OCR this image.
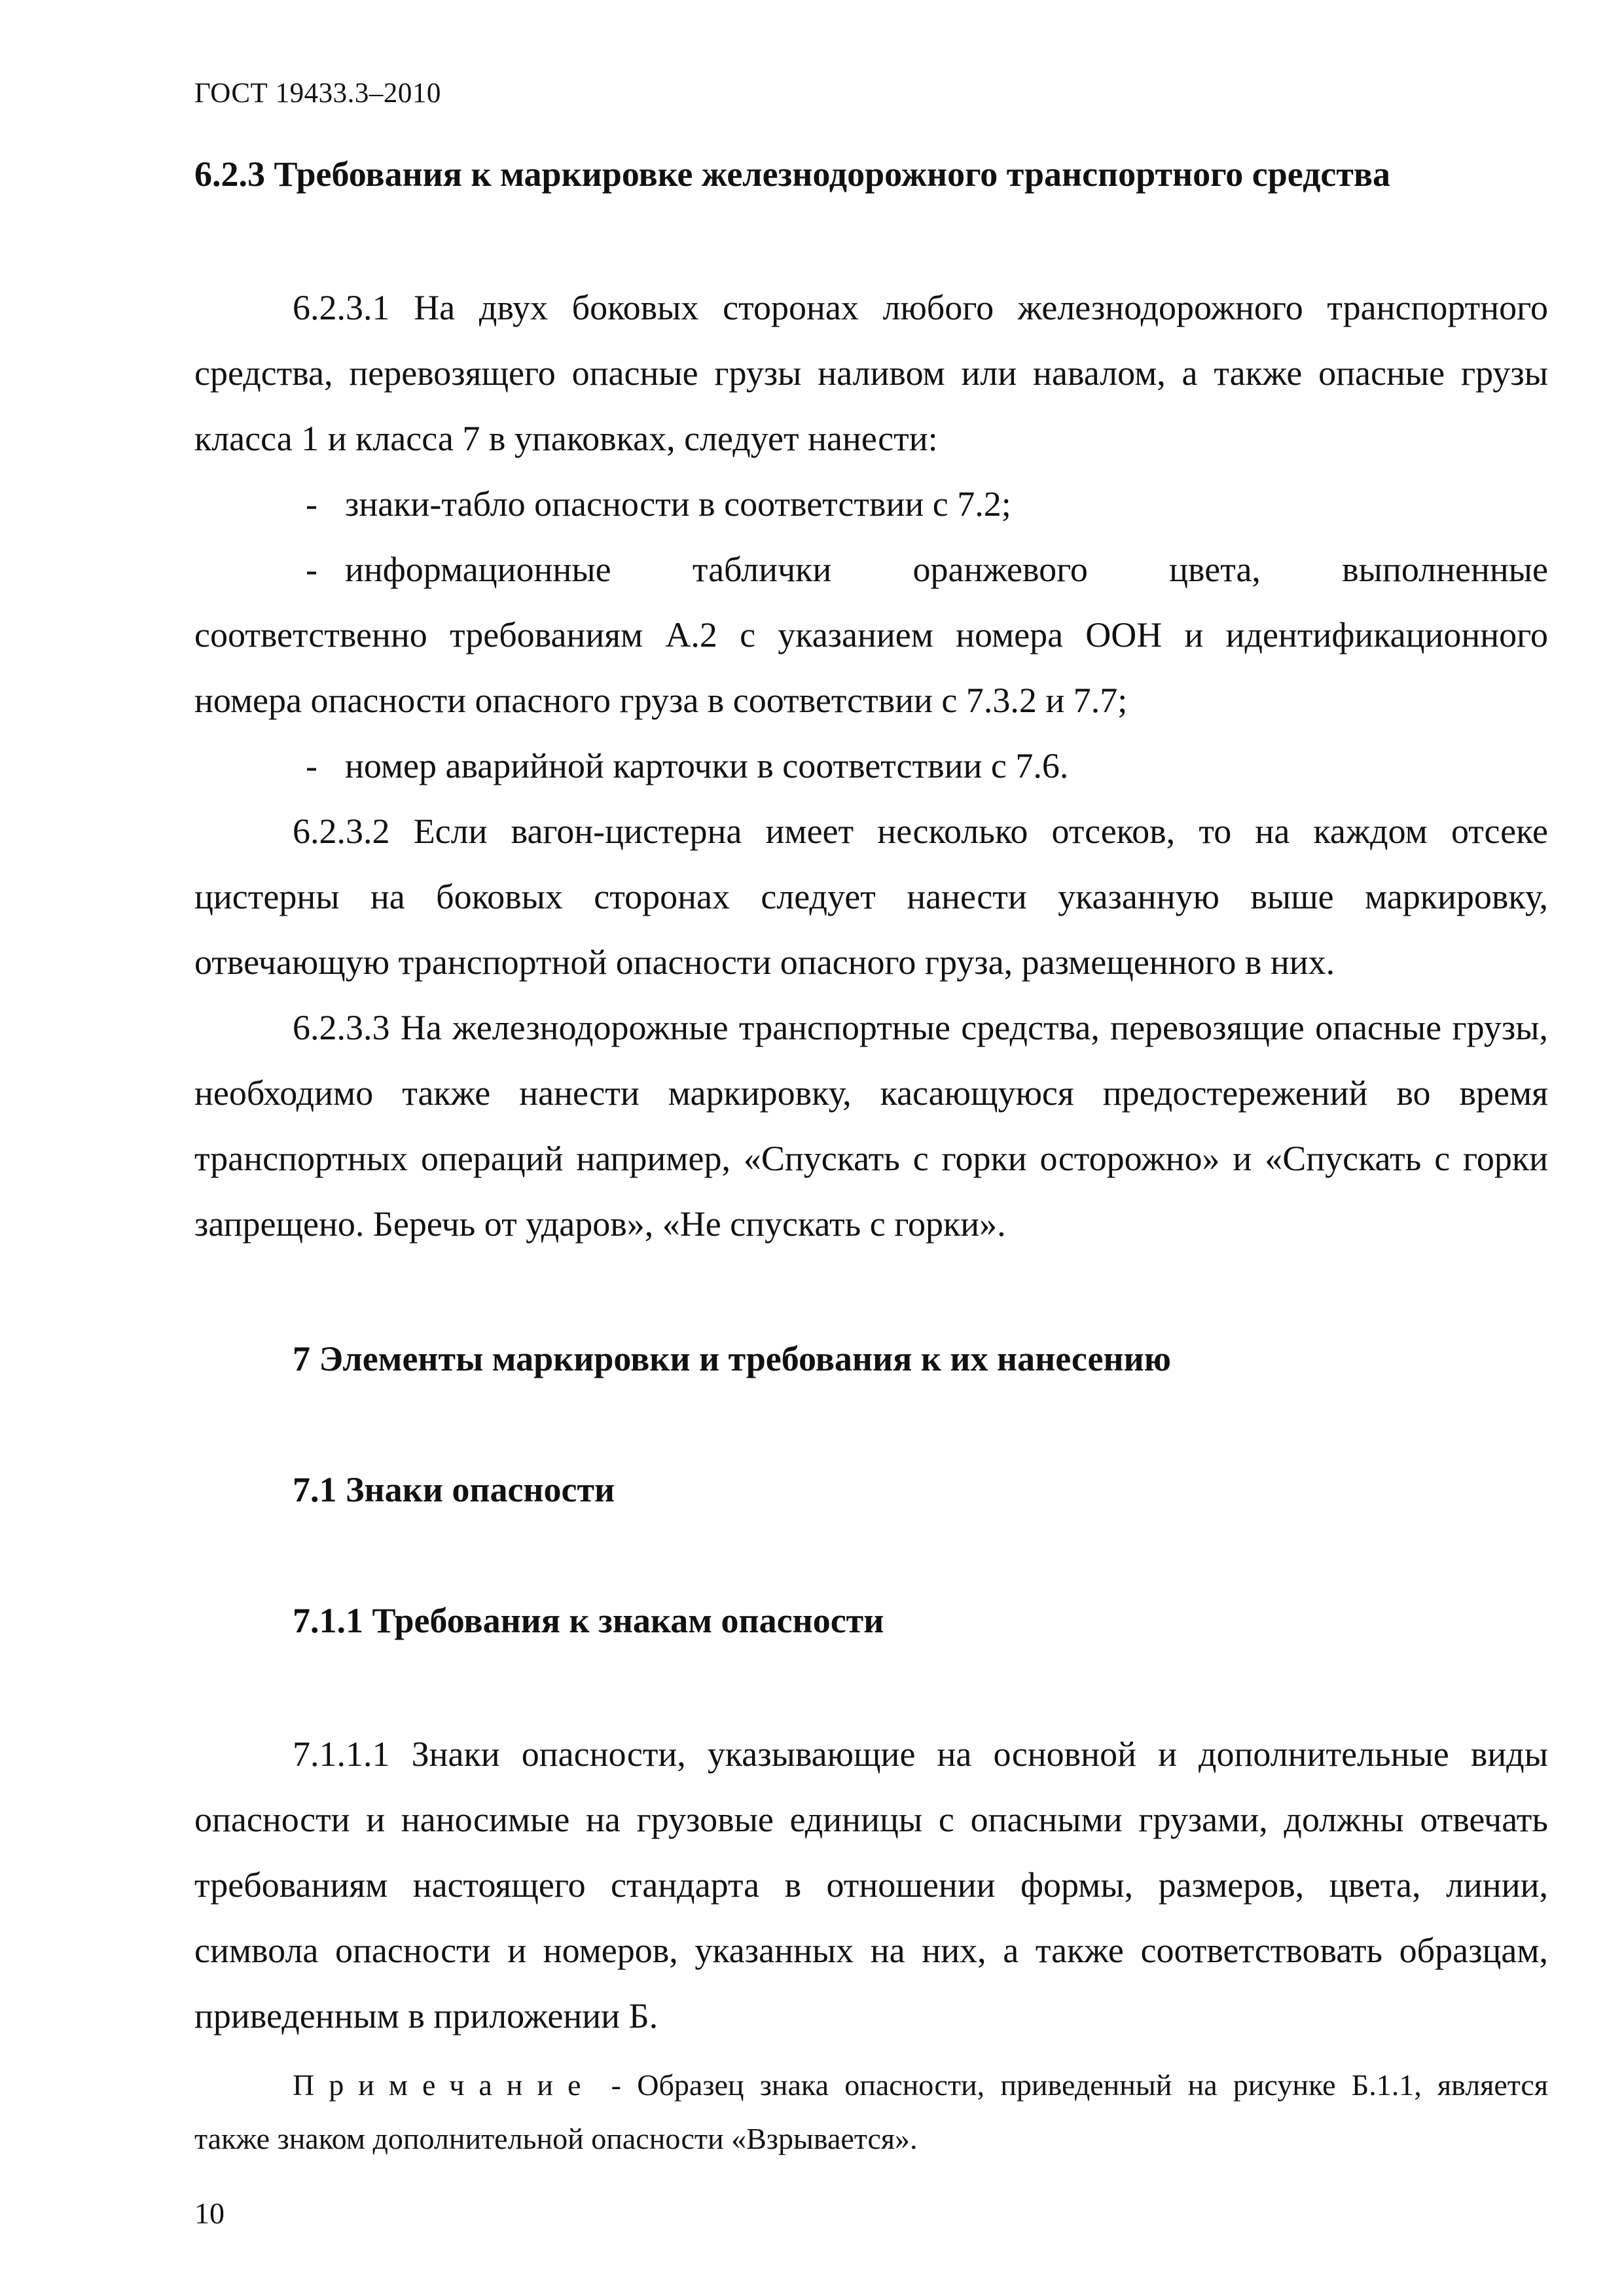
ГОСТ 19433.3–2010
6.2.3 Требования к маркировке железнодорожного транспортного средства

6.2.3.1 На двух боковых сторонах любого железнодорожного транспортного средства, перевозящего опасные грузы наливом или навалом, а также опасные грузы класса 1 и класса 7 в упаковках, следует нанести:

- знаки-табло опасности в соответствии с 7.2;

- информационные таблички оранжевого цвета, выполненные
соответственно требованиям А.2 с указанием номера ООН и идентификационного номера опасности опасного груза в соответствии с 7.3.2 и 7.7;

- номер аварийной карточки в соответствии с 7.6.

6.2.3.2 Если вагон-цистерна имеет несколько отсеков, то на каждом отсеке цистерны на боковых сторонах следует нанести указанную выше маркировку, отвечающую транспортной опасности опасного груза, размещенного в них.

6.2.3.3 На железнодорожные транспортные средства, перевозящие опасные грузы, необходимо также нанести маркировку, касающуюся предостережений во время транспортных операций например, «Спускать с горки осторожно» и «Спускать с горки запрещено. Беречь от ударов», «Не спускать с горки».

7 Элементы маркировки и требования к их нанесению
7.1 Знаки опасности
7.1.1 Требования к знакам опасности

7.1.1.1 Знаки опасности, указывающие на основной и дополнительные виды опасности и наносимые на грузовые единицы с опасными грузами, должны отвечать требованиям настоящего стандарта в отношении формы, размеров, цвета, линии, символа опасности и номеров, указанных на них, а также соответствовать образцам, приведенным в приложении Б.

Примечание - Образец знака опасности, приведенный на рисунке Б.1.1, является также знаком дополнительной опасности «Взрывается».

10
